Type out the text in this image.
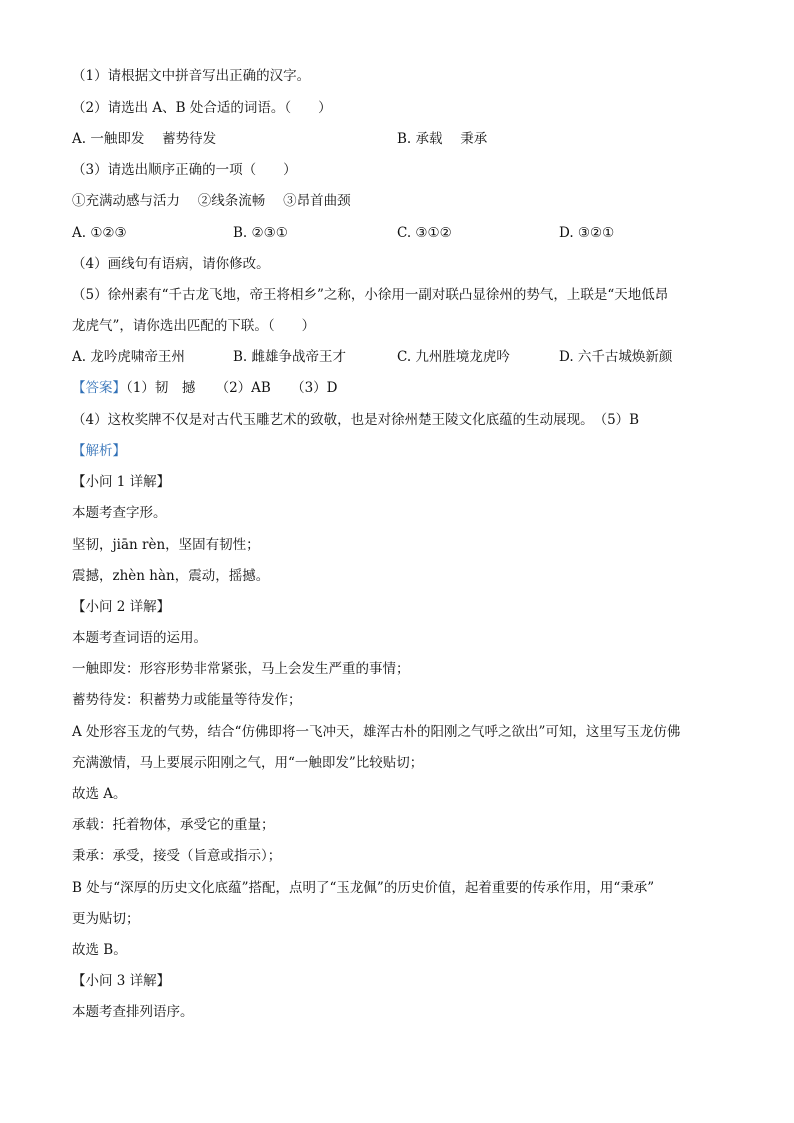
（1）请根据文中拼音写出正确的汉字。
（2）请选出 A、B 处合适的词语。（　　）
A. 一触即发　 蓄势待发	B. 承载　 秉承
（3）请选出顺序正确的一项（　　）
①充满动感与活力　 ②线条流畅　 ③昂首曲颈
A. ①②③	B. ②③①	C. ③①②	D. ③②①
（4）画线句有语病，请你修改。
（5）徐州素有“千古龙飞地，帝王将相乡”之称，小徐用一副对联凸显徐州的势气，上联是“天地低昂
龙虎气”，请你选出匹配的下联。（　　）
A. 龙吟虎啸帝王州	B. 雌雄争战帝王才	C. 九州胜境龙虎吟	D. 六千古城焕新颜
【答案】（1）韧　撼　　（2）AB　　（3）D
（4）这枚奖牌不仅是对古代玉雕艺术的致敬，也是对徐州楚王陵文化底蕴的生动展现。　（5）B
【解析】
【小问 1 详解】
本题考查字形。
坚韧，jiān rèn，坚固有韧性；
震撼，zhèn hàn，震动，摇撼。
【小问 2 详解】
本题考查词语的运用。
一触即发：形容形势非常紧张，马上会发生严重的事情；
蓄势待发：积蓄势力或能量等待发作；
A 处形容玉龙的气势，结合“仿佛即将一飞冲天，雄浑古朴的阳刚之气呼之欲出”可知，这里写玉龙仿佛
充满激情，马上要展示阳刚之气，用“一触即发”比较贴切；
故选 A。
承载：托着物体，承受它的重量；
秉承：承受，接受（旨意或指示）；
B 处与“深厚的历史文化底蕴”搭配，点明了“玉龙佩”的历史价值，起着重要的传承作用，用“秉承”
更为贴切；
故选 B。
【小问 3 详解】
本题考查排列语序。
